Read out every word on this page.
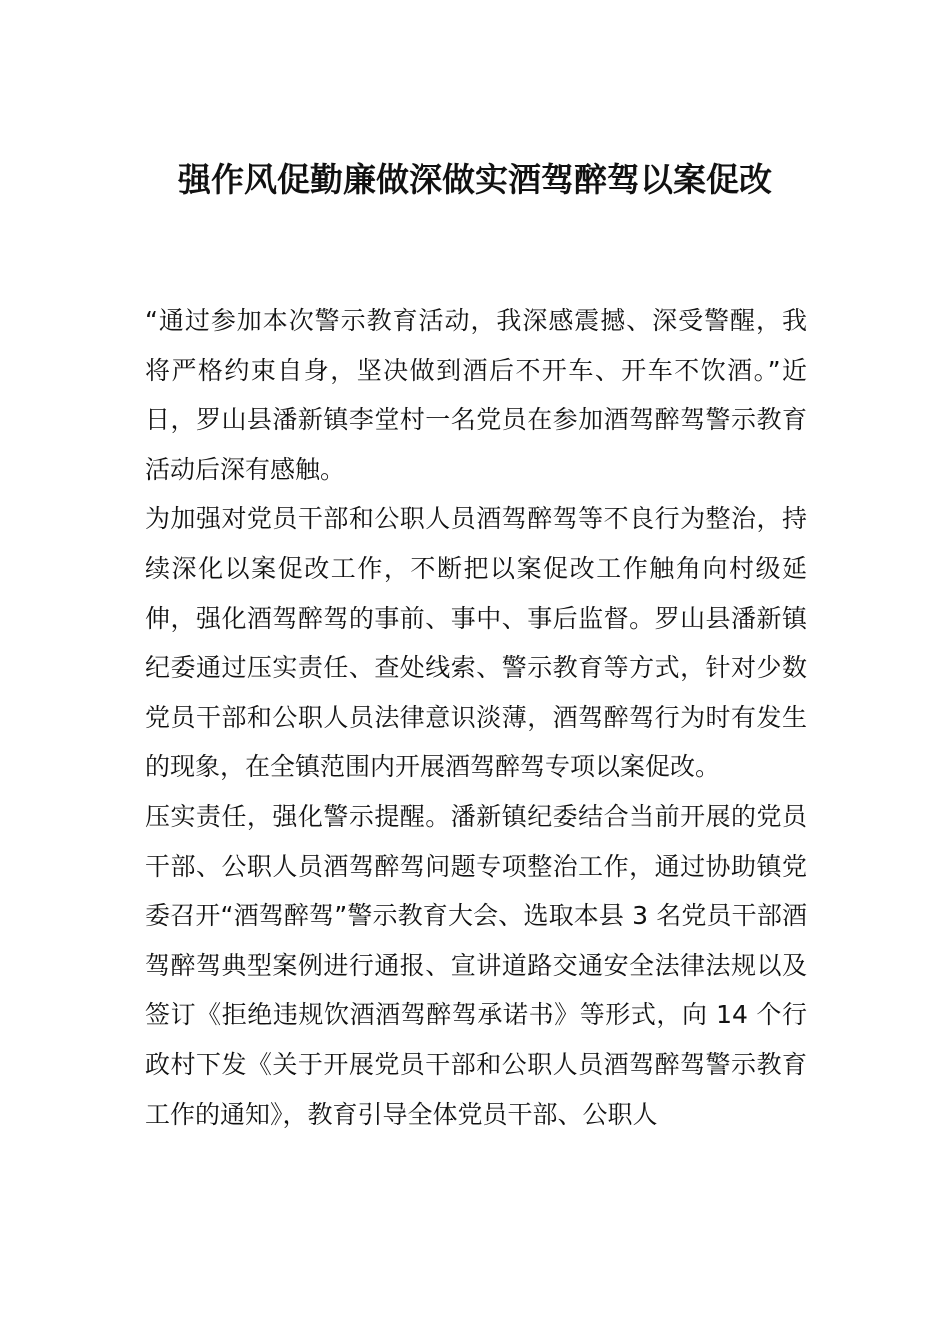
强作风促勤廉做深做实酒驾醉驾以案促改

“通过参加本次警示教育活动，我深感震撼、深受警醒，我将严格约束自身，坚决做到酒后不开车、开车不饮酒。”近日，罗山县潘新镇李堂村一名党员在参加酒驾醉驾警示教育活动后深有感触。

为加强对党员干部和公职人员酒驾醉驾等不良行为整治，持续深化以案促改工作，不断把以案促改工作触角向村级延伸，强化酒驾醉驾的事前、事中、事后监督。罗山县潘新镇纪委通过压实责任、查处线索、警示教育等方式，针对少数党员干部和公职人员法律意识淡薄，酒驾醉驾行为时有发生的现象，在全镇范围内开展酒驾醉驾专项以案促改。

压实责任，强化警示提醒。潘新镇纪委结合当前开展的党员干部、公职人员酒驾醉驾问题专项整治工作，通过协助镇党委召开“酒驾醉驾”警示教育大会、选取本县 3 名党员干部酒驾醉驾典型案例进行通报、宣讲道路交通安全法律法规以及签订《拒绝违规饮酒酒驾醉驾承诺书》等形式，向 14 个行政村下发《关于开展党员干部和公职人员酒驾醉驾警示教育工作的通知》，教育引导全体党员干部、公职人
